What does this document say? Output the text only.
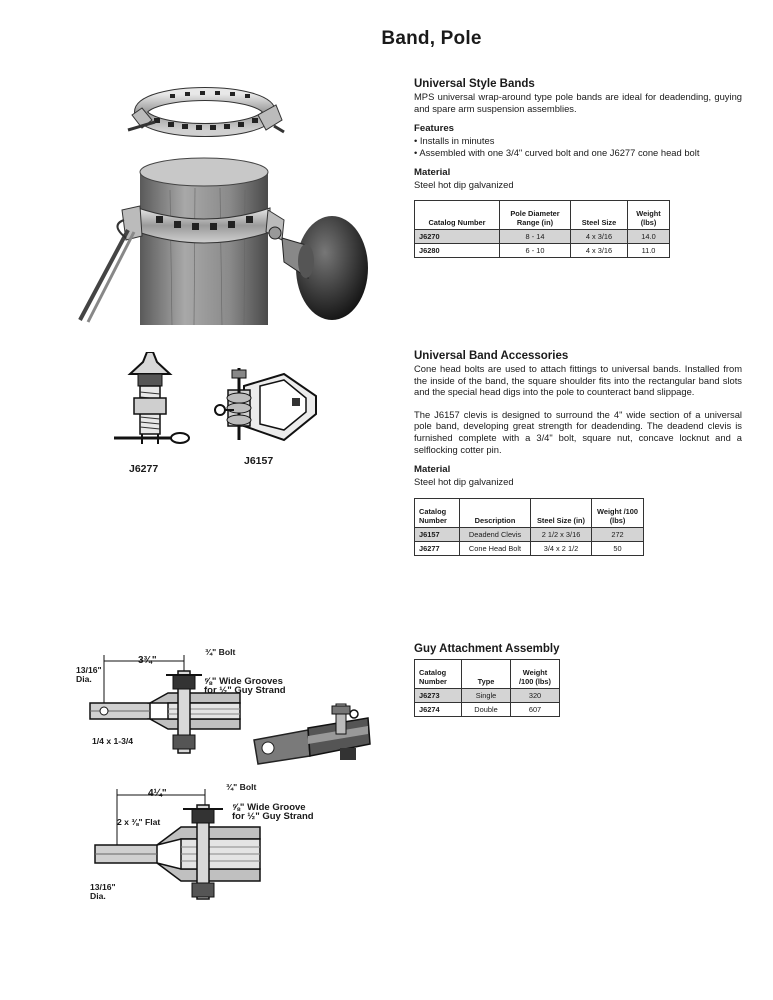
Band, Pole
J6277
J6157
3¾"
¾" Bolt
13/16"
Dia.	⅝" Wide Grooves
for ½" Guy Strand
1/4 x 1-3/4
4¼"
¾" Bolt
2 x ⅜" Flat
⅝" Wide Groove
for ½" Guy Strand
13/16"
Dia.
Universal Style Bands

MPS universal wrap-around type pole bands are ideal for deadending, guying and spare arm suspension assemblies.

Features
• Installs in minutes
• Assembled with one 3/4" curved bolt and one J6277 cone head bolt
Material
Steel hot dip galvanized
Catalog Number	Pole Diameter Range (in)	Steel Size	Weight (lbs)
J6270	8 - 14	4 x 3/16	14.0
J6280	6 - 10	4 x 3/16	11.0
Universal Band Accessories

Cone head bolts are used to attach fittings to universal bands. Installed from the inside of the band, the square shoulder fits into the rectangular band slots and the special head digs into the pole to counteract band slippage.

The J6157 clevis is designed to surround the 4" wide section of a universal pole band, developing great strength for deadending. The deadend clevis is furnished complete with a 3/4" bolt, square nut, concave locknut and a selflocking cotter pin.

Material
Steel hot dip galvanized
Catalog Number	Description	Steel Size (in)	Weight /100 (lbs)
J6157	Deadend Clevis	2 1/2 x 3/16	272
J6277	Cone Head Bolt	3/4 x 2 1/2	50
Guy Attachment Assembly
Catalog Number	Type	Weight /100 (lbs)
J6273	Single	320
J6274	Double	607
